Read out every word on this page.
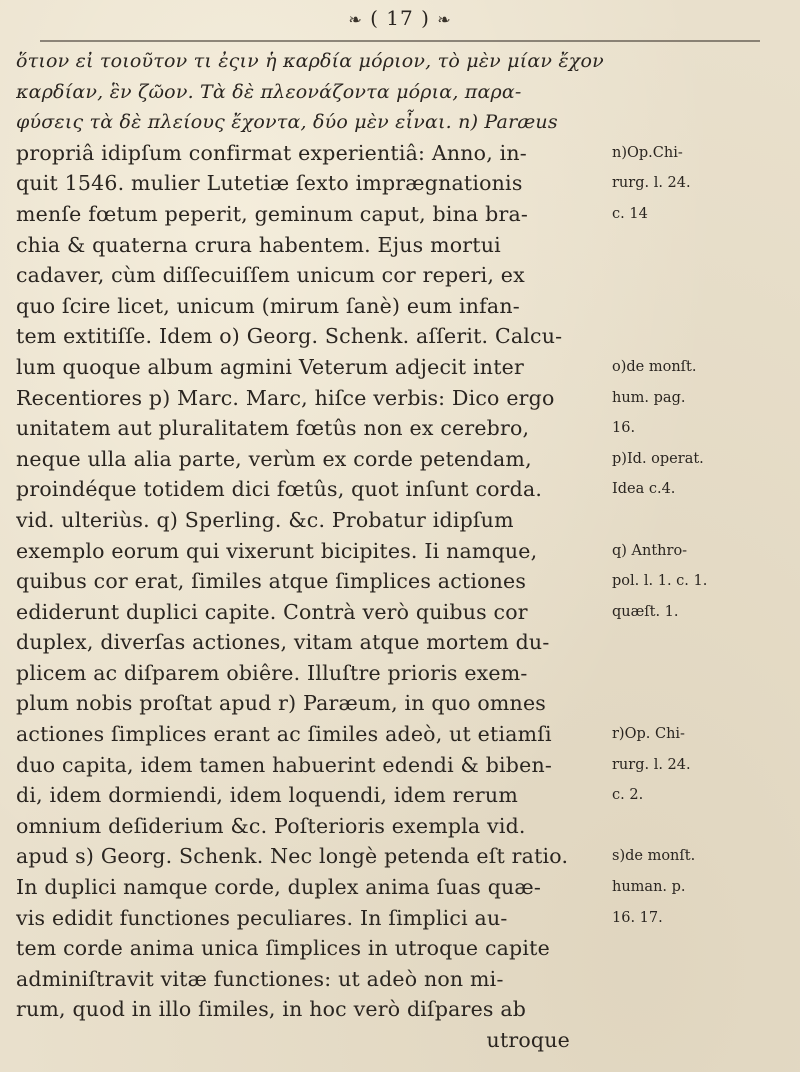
❧ ( 17 ) ❧
ὅτιον εἰ τοιοῦτον τι ἐςιν ἡ καρδία μόριον, τὸ μὲν μίαν ἔχον
καρδίαν, ἓν ζῶον. Τὰ δὲ πλεονάζοντα μόρια, παρα-
φύσεις τὰ δὲ πλείους ἔχοντα, δύο μὲν εἶναι. n) Paræus
propriâ idipſum confirmat experientiâ: Anno, in-
quit 1546. mulier Lutetiæ ſexto imprægnationis
menſe fœtum peperit, geminum caput, bina bra-
chia & quaterna crura habentem. Ejus mortui
cadaver, cùm diſſecuiſſem unicum cor reperi, ex
quo ſcire licet, unicum (mirum ſanè) eum infan-
tem extitiſſe. Idem o) Georg. Schenk. aſſerit. Calcu-
lum quoque album agmini Veterum adjecit inter
Recentiores p) Marc. Marc, hiſce verbis: Dico ergo
unitatem aut pluralitatem fœtûs non ex cerebro,
neque ulla alia parte, verùm ex corde petendam,
proindéque totidem dici fœtûs, quot inſunt corda.
vid. ulteriùs. q) Sperling. &c. Probatur idipſum
exemplo eorum qui vixerunt bicipites. Ii namque,
quibus cor erat, ſimiles atque ſimplices actiones
ediderunt duplici capite. Contrà verò quibus cor
duplex, diverſas actiones, vitam atque mortem du-
plicem ac diſparem obiêre. Illuſtre prioris exem-
plum nobis proſtat apud r) Paræum, in quo omnes
actiones ſimplices erant ac ſimiles adeò, ut etiamſi
duo capita, idem tamen habuerint edendi & biben-
di, idem dormiendi, idem loquendi, idem rerum
omnium deſiderium &c. Poſterioris exempla vid.
apud s) Georg. Schenk. Nec longè petenda eſt ratio.
In duplici namque corde, duplex anima ſuas quæ-
vis edidit functiones peculiares. In ſimplici au-
tem corde anima unica ſimplices in utroque capite
adminiſtravit vitæ functiones: ut adeò non mi-
rum, quod in illo ſimiles, in hoc verò diſpares ab
utroque
n)Op.Chi-
rurg. l. 24.
c. 14
o)de monſt.
hum. pag.
16.
p)Id. operat.
Idea c.4.
q) Anthro-
pol. l. 1. c. 1.
quæſt. 1.
r)Op. Chi-
rurg. l. 24.
c. 2.
s)de monſt.
human. p.
16. 17.
